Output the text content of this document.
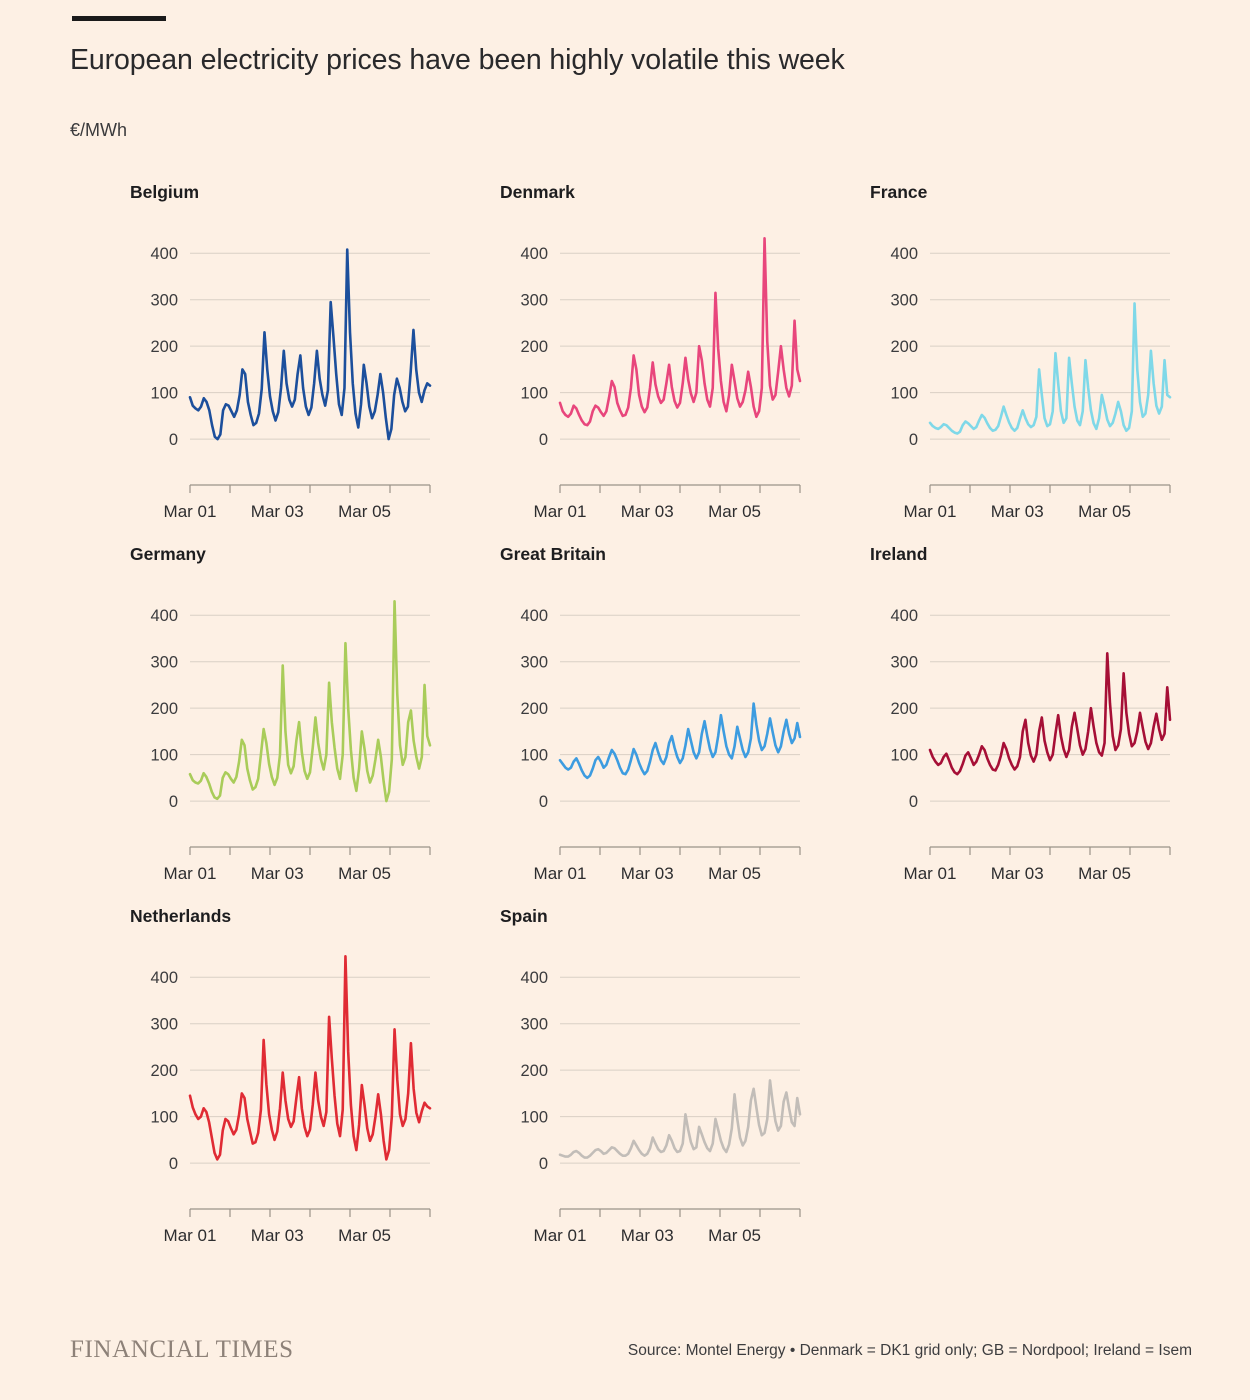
European electricity prices have been highly volatile this week
€/MWh
Belgium
0
100
200
300
400
Mar 01 Mar 03 Mar 05
Denmark
0
100
200
300
400
Mar 01 Mar 03 Mar 05
France
0
100
200
300
400
Mar 01 Mar 03 Mar 05
Germany
0
100
200
300
400
Mar 01 Mar 03 Mar 05
Great Britain
0
100
200
300
400
Mar 01 Mar 03 Mar 05
Ireland
0
100
200
300
400
Mar 01 Mar 03 Mar 05
Netherlands
0
100
200
300
400
Mar 01 Mar 03 Mar 05
Spain
0
100
200
300
400
Mar 01 Mar 03 Mar 05
FINANCIAL TIMES	Source: Montel Energy • Denmark = DK1 grid only; GB = Nordpool; Ireland = Isem
